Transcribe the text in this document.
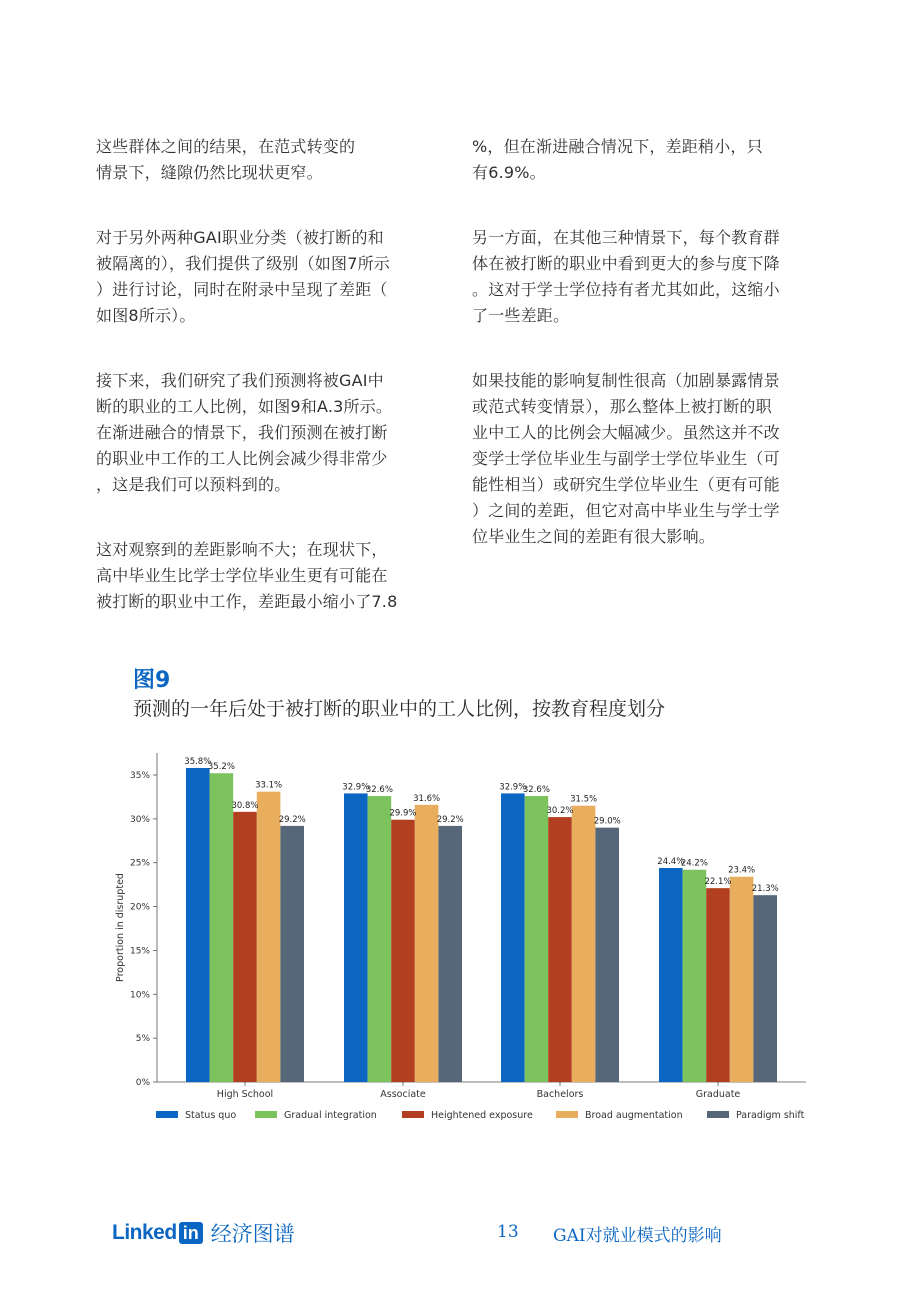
这些群体之间的结果，在范式转变的
情景下，缝隙仍然比现状更窄。

对于另外两种GAI职业分类（被打断的和
被隔离的），我们提供了级别（如图7所示
）进行讨论，同时在附录中呈现了差距（
如图8所示）。

接下来，我们研究了我们预测将被GAI中
断的职业的工人比例，如图9和A.3所示。
在渐进融合的情景下，我们预测在被打断
的职业中工作的工人比例会减少得非常少
，这是我们可以预料到的。

这对观察到的差距影响不大；在现状下，
高中毕业生比学士学位毕业生更有可能在
被打断的职业中工作，差距最小缩小了7.8

%，但在渐进融合情况下，差距稍小，只
有6.9%。

另一方面，在其他三种情景下，每个教育群
体在被打断的职业中看到更大的参与度下降
。这对于学士学位持有者尤其如此，这缩小
了一些差距。

如果技能的影响复制性很高（加剧暴露情景
或范式转变情景），那么整体上被打断的职
业中工人的比例会大幅减少。虽然这并不改
变学士学位毕业生与副学士学位毕业生（可
能性相当）或研究生学位毕业生（更有可能
）之间的差距，但它对高中毕业生与学士学
位毕业生之间的差距有很大影响。

图9
预测的一年后处于被打断的职业中的工人比例，按教育程度划分
0%
5%
10%
15%
20%
25%
30%
35%
Proportion in disrupted
High School	Associate	Bachelors	Graduate
35.8%
35.2%
30.8%
33.1%
29.2%
32.9%
32.6%
29.9%
31.6%
29.2%
32.9%
32.6%
30.2%
31.5%
29.0%
24.4%
24.2%
22.1%
23.4%
21.3%
Status quo	Gradual integration	Heightened exposure	Broad augmentation	Paradigm shift
Linked in 经济图谱	13 GAI对就业模式的影响
